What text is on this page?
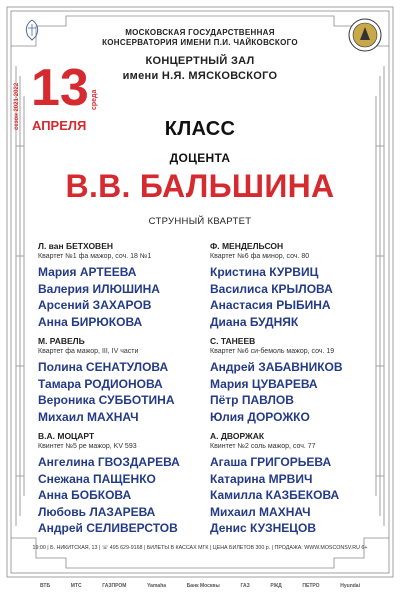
МОСКОВСКАЯ ГОСУДАРСТВЕННАЯ
КОНСЕРВАТОРИЯ ИМЕНИ П.И. ЧАЙКОВСКОГО
КОНЦЕРТНЫЙ ЗАЛ
имени Н.Я. МЯСКОВСКОГО
сезон 2021-2022 13 среда
АПРЕЛЯ	КЛАСС
ДОЦЕНТА
В.В. БАЛЬШИНА
СТРУННЫЙ КВАРТЕТ
Л. ван БЕТХОВЕН
Квартет №1 фа мажор, соч. 18 №1
Мария АРТЕЕВА
Валерия ИЛЮШИНА
Арсений ЗАХАРОВ
Анна БИРЮКОВА
Ф. МЕНДЕЛЬСОН
Квартет №6 фа минор, соч. 80
Кристина КУРВИЦ
Василиса КРЫЛОВА
Анастасия РЫБИНА
Диана БУДНЯК
М. РАВЕЛЬ
Квартет фа мажор, III, IV части
Полина СЕНАТУЛОВА
Тамара РОДИОНОВА
Вероника СУББОТИНА
Михаил МАХНАЧ
С. ТАНЕЕВ
Квартет №6 си-бемоль мажор, соч. 19
Андрей ЗАБАВНИКОВ
Мария ЦУВАРЕВА
Пётр ПАВЛОВ
Юлия ДОРОЖКО
В.А. МОЦАРТ
Квинтет №5 ре мажор, KV 593
Ангелина ГВОЗДАРЕВА
Снежана ПАЩЕНКО
Анна БОБКОВА
Любовь ЛАЗАРЕВА
Андрей СЕЛИВЕРСТОВ
А. ДВОРЖАК
Квинтет №2 соль мажор, соч. 77
Агаша ГРИГОРЬЕВА
Катарина МРВИЧ
Камилла КАЗБЕКОВА
Михаил МАХНАЧ
Денис КУЗНЕЦОВ
19:00 | Б. НИКИТСКАЯ, 13 | ☏ 495 629-9168 | БИЛЕТЫ В КАССАХ МГК | ЦЕНА БИЛЕТОВ 300 р. | ПРОДАЖА: WWW.MOSCONSV.RU 6+
ВТБ	МТС	ГАЗПРОМ	Yamaha	Банк Москвы	ГАЗ	РЖД	ПЕТРО	Hyundai
